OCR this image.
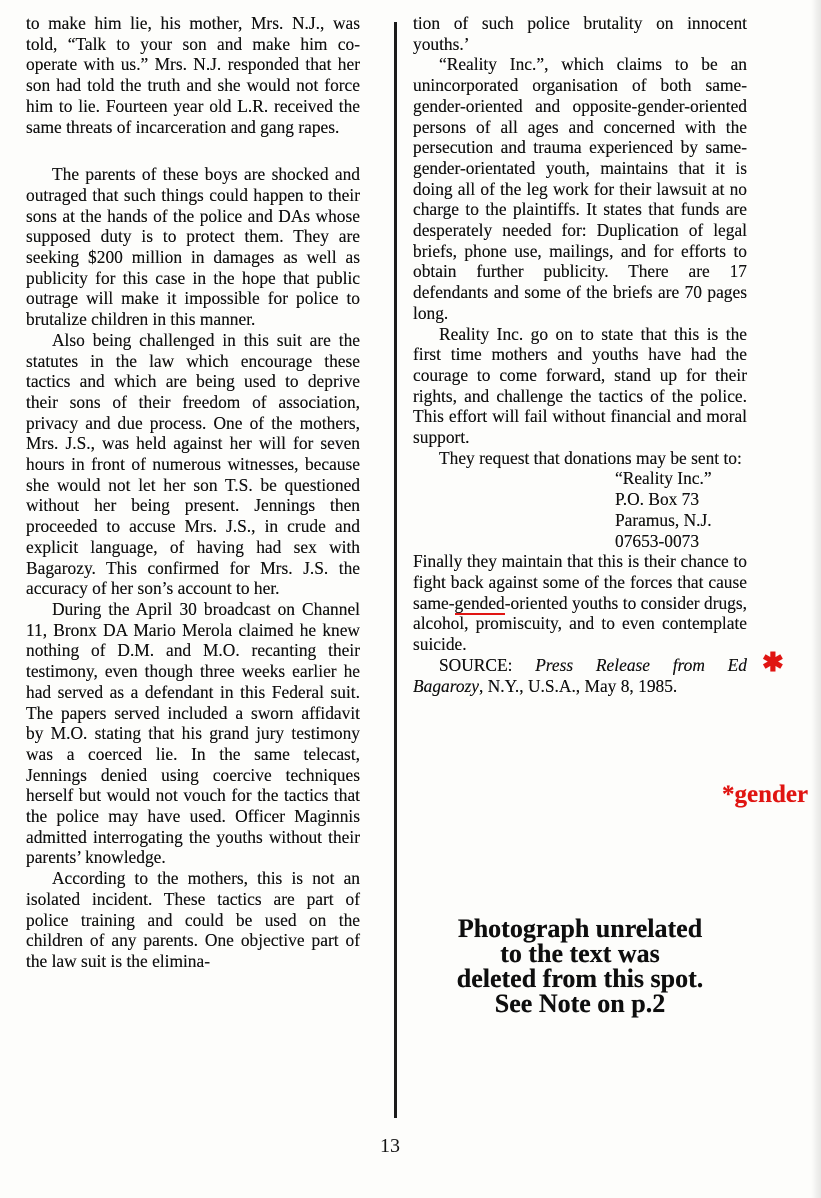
to make him lie, his mother, Mrs. N.J., was told, “Talk to your son and make him co-operate with us.” Mrs. N.J. responded that her son had told the truth and she would not force him to lie. Fourteen year old L.R. received the same threats of incarceration and gang rapes.

The parents of these boys are shocked and outraged that such things could happen to their sons at the hands of the police and DAs whose supposed duty is to protect them. They are seeking $200 million in damages as well as publicity for this case in the hope that public outrage will make it impossible for police to brutalize children in this manner.

Also being challenged in this suit are the statutes in the law which encourage these tactics and which are being used to deprive their sons of their freedom of association, privacy and due process. One of the mothers, Mrs. J.S., was held against her will for seven hours in front of numerous witnesses, because she would not let her son T.S. be questioned without her being present. Jennings then proceeded to accuse Mrs. J.S., in crude and explicit language, of having had sex with Bagarozy. This confirmed for Mrs. J.S. the accuracy of her son’s account to her.

During the April 30 broadcast on Channel 11, Bronx DA Mario Merola claimed he knew nothing of D.M. and M.O. recanting their testimony, even though three weeks earlier he had served as a defendant in this Federal suit. The papers served included a sworn affidavit by M.O. stating that his grand jury testimony was a coerced lie. In the same telecast, Jennings denied using coercive techniques herself but would not vouch for the tactics that the police may have used. Officer Maginnis admitted interrogating the youths without their parents’ knowledge.

According to the mothers, this is not an isolated incident. These tactics are part of police training and could be used on the children of any parents. One objective part of the law suit is the elimina-

tion of such police brutality on innocent youths.’

“Reality Inc.”, which claims to be an unincorporated organisation of both same-gender-oriented and opposite-gender-oriented persons of all ages and concerned with the persecution and trauma experienced by same-gender-orientated youth, maintains that it is doing all of the leg work for their lawsuit at no charge to the plaintiffs. It states that funds are desperately needed for: Duplication of legal briefs, phone use, mailings, and for efforts to obtain further publicity. There are 17 defendants and some of the briefs are 70 pages long.

Reality Inc. go on to state that this is the first time mothers and youths have had the courage to come forward, stand up for their rights, and challenge the tactics of the police. This effort will fail without financial and moral support.

They request that donations may be sent to:

“Reality Inc.”
P.O. Box 73
Paramus, N.J.
07653-0073

Finally they maintain that this is their chance to fight back against some of the forces that cause same-gended-oriented youths to consider drugs, alcohol, promiscuity, and to even contemplate suicide.

SOURCE: Press Release from Ed Bagarozy, N.Y., U.S.A., May 8, 1985.

✱
*gender
Photograph unrelated
to the text was
deleted from this spot.
See Note on p.2
13
